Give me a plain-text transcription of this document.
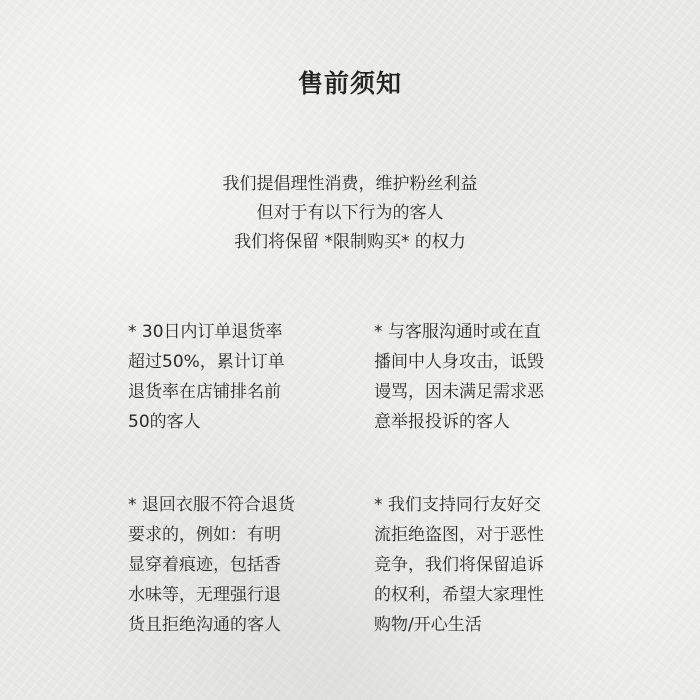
售前须知
我们提倡理性消费，维护粉丝利益
但对于有以下行为的客人
我们将保留 *限制购买* 的权力
* 30日内订单退货率
超过50%，累计订单
退货率在店铺排名前
50的客人
* 与客服沟通时或在直
播间中人身攻击，诋毁
谩骂，因未满足需求恶
意举报投诉的客人
* 退回衣服不符合退货
要求的，例如：有明
显穿着痕迹，包括香
水味等，无理强行退
货且拒绝沟通的客人
* 我们支持同行友好交
流拒绝盗图，对于恶性
竞争，我们将保留追诉
的权利，希望大家理性
购物/开心生活
